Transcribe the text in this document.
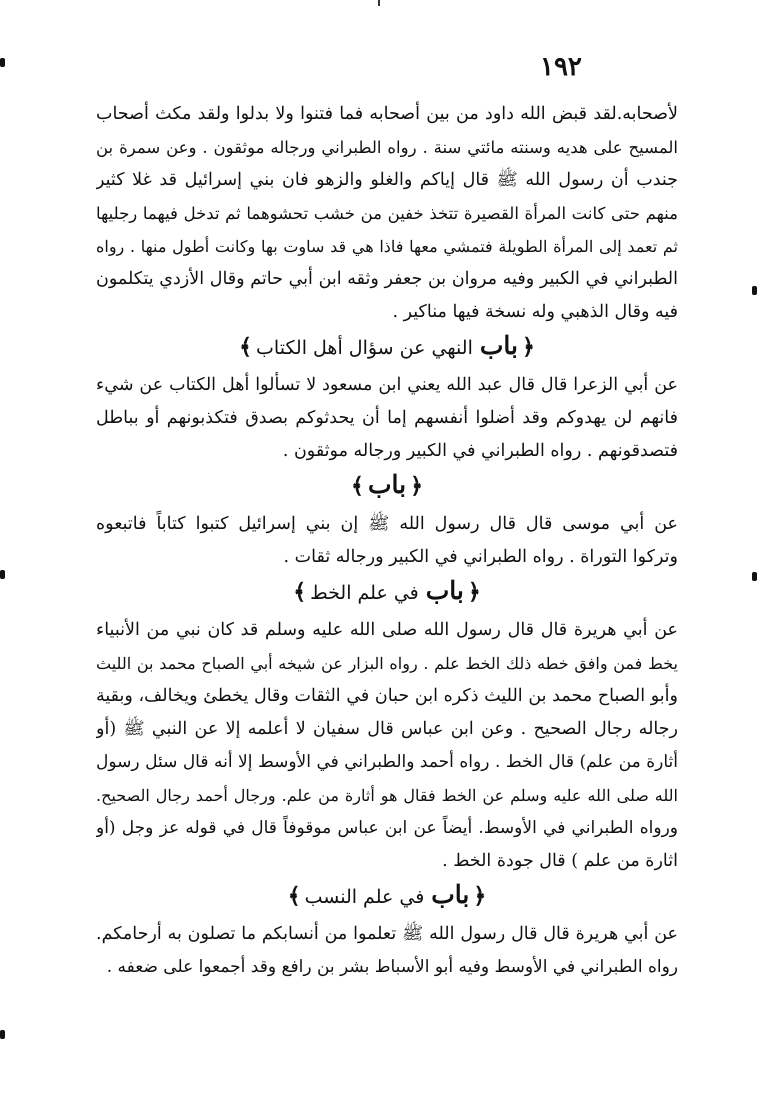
١٩٢
لأصحابه.لقد قبض الله داود من بين أصحابه فما فتنوا ولا بدلوا ولقد مكث أصحاب
المسيح على هديه وسنته مائتي سنة . رواه الطبراني ورجاله موثقون . وعن سمرة بن
جندب أن رسول الله ﷺ قال إياكم والغلو والزهو فان بني إسرائيل قد غلا كثير
منهم حتى كانت المرأة القصيرة تتخذ خفين من خشب تحشوهما ثم تدخل فيهما رجليها
ثم تعمد إلى المرأة الطويلة فتمشي معها فاذا هي قد ساوت بها وكانت أطول منها . رواه
الطبراني في الكبير وفيه مروان بن جعفر وثقه ابن أبي حاتم وقال الأزدي يتكلمون
فيه وقال الذهبي وله نسخة فيها مناكير .
﴿باب النهي عن سؤال أهل الكتاب﴾
عن أبي الزعرا قال قال عبد الله يعني ابن مسعود لا تسألوا أهل الكتاب عن شيء
فانهم لن يهدوكم وقد أضلوا أنفسهم إما أن يحدثوكم بصدق فتكذبونهم أو بباطل
فتصدقونهم . رواه الطبراني في الكبير ورجاله موثقون .
﴿باب﴾
عن أبي موسى قال قال رسول الله ﷺ إن بني إسرائيل كتبوا كتاباً فاتبعوه
وتركوا التوراة . رواه الطبراني في الكبير ورجاله ثقات .
﴿باب في علم الخط﴾
عن أبي هريرة قال قال رسول الله صلى الله عليه وسلم قد كان نبي من الأنبياء
يخط فمن وافق خطه ذلك الخط علم . رواه البزار عن شيخه أبي الصباح محمد بن الليث
وأبو الصباح محمد بن الليث ذكره ابن حبان في الثقات وقال يخطئ ويخالف، وبقية
رجاله رجال الصحيح . وعن ابن عباس قال سفيان لا أعلمه إلا عن النبي ﷺ (أو
أثارة من علم) قال الخط . رواه أحمد والطبراني في الأوسط إلا أنه قال سئل رسول
الله صلى الله عليه وسلم عن الخط فقال هو أثارة من علم. ورجال أحمد رجال الصحيح.
ورواه الطبراني في الأوسط. أيضاً عن ابن عباس موقوفاً قال في قوله عز وجل (أو
اثارة من علم ) قال جودة الخط .
﴿باب في علم النسب﴾
عن أبي هريرة قال قال رسول الله ﷺ تعلموا من أنسابكم ما تصلون به أرحامكم.
رواه الطبراني في الأوسط وفيه أبو الأسباط بشر بن رافع وقد أجمعوا على ضعفه .
